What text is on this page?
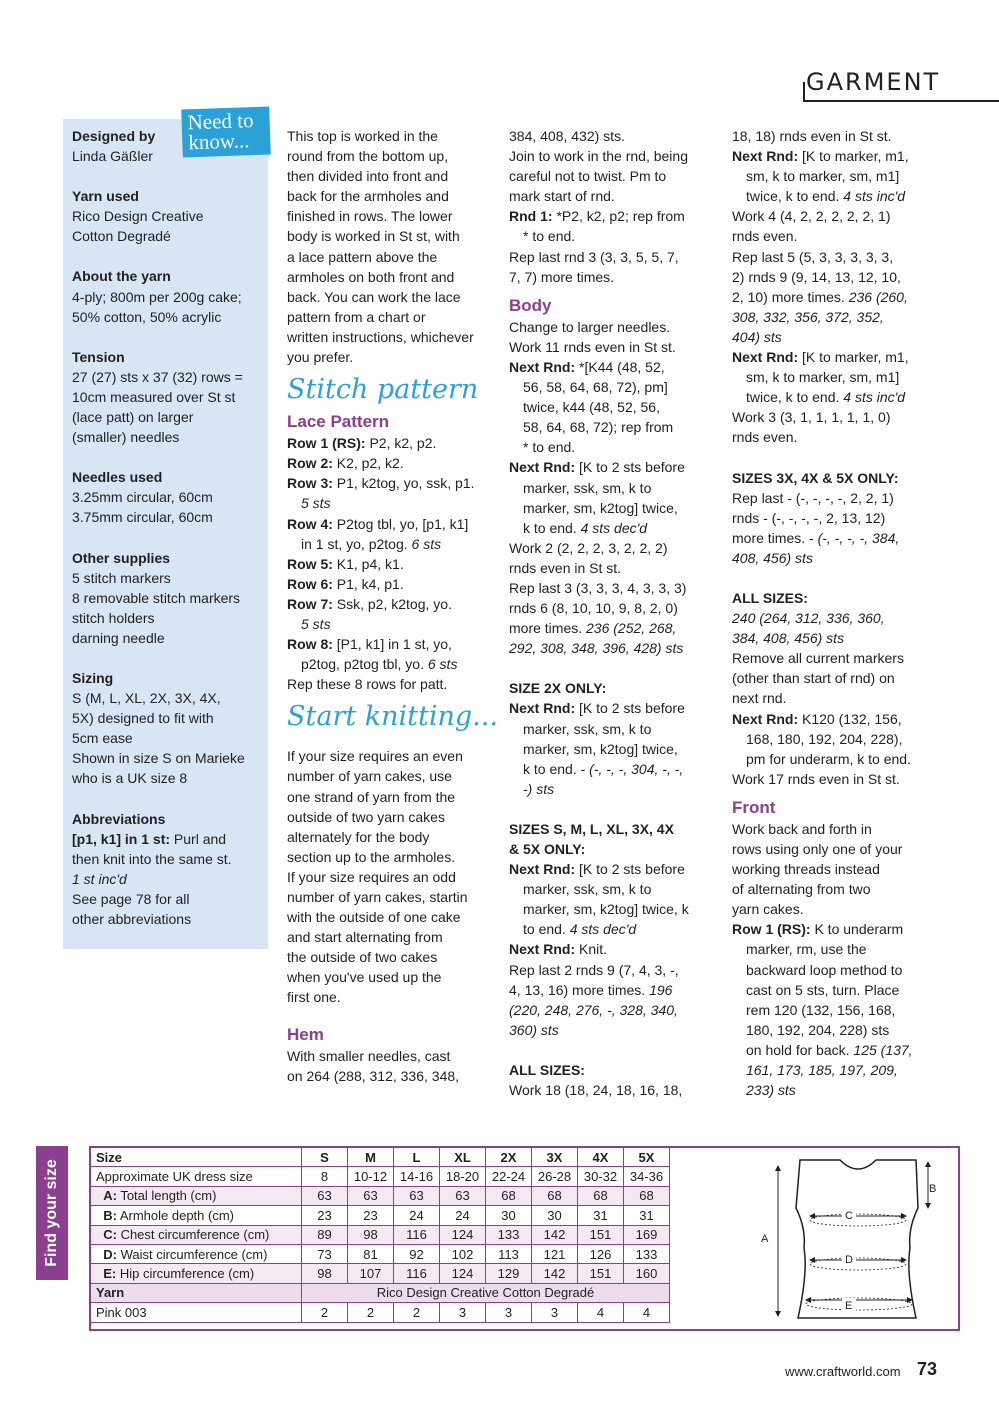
GARMENT
Need to
know...
Designed by
Linda Gäßler
Yarn used
Rico Design Creative
Cotton Degradé
About the yarn
4-ply; 800m per 200g cake;
50% cotton, 50% acrylic
Tension
27 (27) sts x 37 (32) rows =
10cm measured over St st
(lace patt) on larger
(smaller) needles
Needles used
3.25mm circular, 60cm
3.75mm circular, 60cm
Other supplies
5 stitch markers
8 removable stitch markers
stitch holders
darning needle
Sizing
S (M, L, XL, 2X, 3X, 4X,
5X) designed to fit with
5cm ease
Shown in size S on Marieke
who is a UK size 8
Abbreviations
[p1, k1] in 1 st: Purl and
then knit into the same st.
1 st inc'd
See page 78 for all
other abbreviations

This top is worked in the

round from the bottom up,

then divided into front and

back for the armholes and

finished in rows. The lower

body is worked in St st, with

a lace pattern above the

armholes on both front and

back. You can work the lace

pattern from a chart or

written instructions, whichever

you prefer.

Stitch pattern

Lace Pattern

Row 1 (RS): P2, k2, p2.

Row 2: K2, p2, k2.

Row 3: P1, k2tog, yo, ssk, p1.

5 sts

Row 4: P2tog tbl, yo, [p1, k1]

in 1 st, yo, p2tog. 6 sts

Row 5: K1, p4, k1.

Row 6: P1, k4, p1.

Row 7: Ssk, p2, k2tog, yo.

5 sts

Row 8: [P1, k1] in 1 st, yo,

p2tog, p2tog tbl, yo. 6 sts

Rep these 8 rows for patt.

Start knitting...

If your size requires an even

number of yarn cakes, use

one strand of yarn from the

outside of two yarn cakes

alternately for the body

section up to the armholes.

If your size requires an odd

number of yarn cakes, startin

with the outside of one cake

and start alternating from

the outside of two cakes

when you've used up the

first one.

Hem

With smaller needles, cast

on 264 (288, 312, 336, 348,

384, 408, 432) sts.

Join to work in the rnd, being

careful not to twist. Pm to

mark start of rnd.

Rnd 1: *P2, k2, p2; rep from

* to end.

Rep last rnd 3 (3, 3, 5, 5, 7,

7, 7) more times.

Body

Change to larger needles.

Work 11 rnds even in St st.

Next Rnd: *[K44 (48, 52,

56, 58, 64, 68, 72), pm]

twice, k44 (48, 52, 56,

58, 64, 68, 72); rep from

* to end.

Next Rnd: [K to 2 sts before

marker, ssk, sm, k to

marker, sm, k2tog] twice,

k to end. 4 sts dec'd

Work 2 (2, 2, 2, 3, 2, 2, 2)

rnds even in St st.

Rep last 3 (3, 3, 3, 4, 3, 3, 3)

rnds 6 (8, 10, 10, 9, 8, 2, 0)

more times. 236 (252, 268,

292, 308, 348, 396, 428) sts

SIZE 2X ONLY:

Next Rnd: [K to 2 sts before

marker, ssk, sm, k to

marker, sm, k2tog] twice,

k to end. - (-, -, -, 304, -, -,

-) sts

SIZES S, M, L, XL, 3X, 4X

& 5X ONLY:

Next Rnd: [K to 2 sts before

marker, ssk, sm, k to

marker, sm, k2tog] twice, k

to end. 4 sts dec'd

Next Rnd: Knit.

Rep last 2 rnds 9 (7, 4, 3, -,

4, 13, 16) more times. 196

(220, 248, 276, -, 328, 340,

360) sts

ALL SIZES:

Work 18 (18, 24, 18, 16, 18,

18, 18) rnds even in St st.

Next Rnd: [K to marker, m1,

sm, k to marker, sm, m1]

twice, k to end. 4 sts inc'd

Work 4 (4, 2, 2, 2, 2, 2, 1)

rnds even.

Rep last 5 (5, 3, 3, 3, 3, 3,

2) rnds 9 (9, 14, 13, 12, 10,

2, 10) more times. 236 (260,

308, 332, 356, 372, 352,

404) sts

Next Rnd: [K to marker, m1,

sm, k to marker, sm, m1]

twice, k to end. 4 sts inc'd

Work 3 (3, 1, 1, 1, 1, 1, 0)

rnds even.

SIZES 3X, 4X & 5X ONLY:

Rep last - (-, -, -, -, 2, 2, 1)

rnds - (-, -, -, -, 2, 13, 12)

more times. - (-, -, -, -, 384,

408, 456) sts

ALL SIZES:

240 (264, 312, 336, 360,

384, 408, 456) sts

Remove all current markers

(other than start of rnd) on

next rnd.

Next Rnd: K120 (132, 156,

168, 180, 192, 204, 228),

pm for underarm, k to end.

Work 17 rnds even in St st.

Front

Work back and forth in

rows using only one of your

working threads instead

of alternating from two

yarn cakes.

Row 1 (RS): K to underarm

marker, rm, use the

backward loop method to

cast on 5 sts, turn. Place

rem 120 (132, 156, 168,

180, 192, 204, 228) sts

on hold for back. 125 (137,

161, 173, 185, 197, 209,

233) sts

Find your size
Size	S	M	L	XL	2X	3X	4X	5X
Approximate UK dress size	8	10-12	14-16	18-20	22-24	26-28	30-32	34-36
A: Total length (cm)	63	63	63	63	68	68	68	68
B: Armhole depth (cm)	23	23	24	24	30	30	31	31
C: Chest circumference (cm)	89	98	116	124	133	142	151	169
D: Waist circumference (cm)	73	81	92	102	113	121	126	133
E: Hip circumference (cm)	98	107	116	124	129	142	151	160
Yarn	Rico Design Creative Cotton Degradé							
Pink 003	2	2	2	3	3	3	4	4
A
B
C
D
E
www.craftworld.com 73
